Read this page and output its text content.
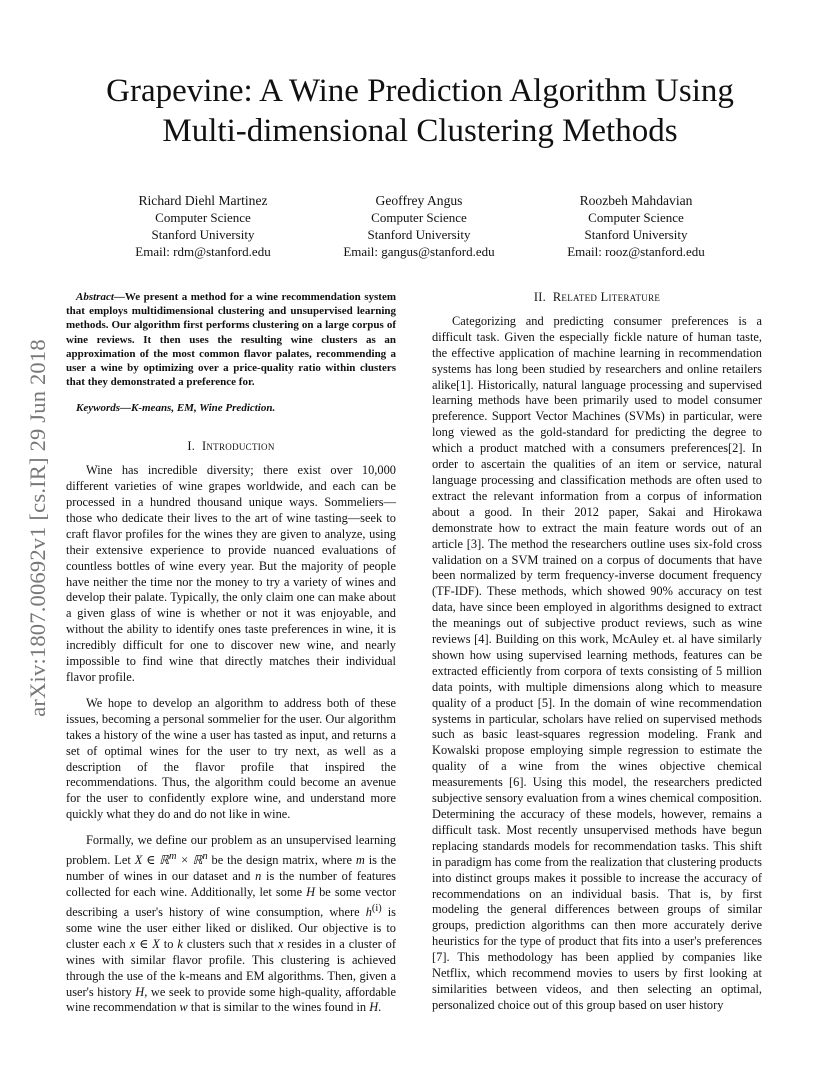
arXiv:1807.00692v1 [cs.IR] 29 Jun 2018
Grapevine: A Wine Prediction Algorithm Using
Multi-dimensional Clustering Methods
Richard Diehl Martinez
Computer Science
Stanford University
Email: rdm@stanford.edu
Geoffrey Angus
Computer Science
Stanford University
Email: gangus@stanford.edu
Roozbeh Mahdavian
Computer Science
Stanford University
Email: rooz@stanford.edu

Abstract—We present a method for a wine recommendation system that employs multidimensional clustering and unsupervised learning methods. Our algorithm first performs clustering on a large corpus of wine reviews. It then uses the resulting wine clusters as an approximation of the most common flavor palates, recommending a user a wine by optimizing over a price-quality ratio within clusters that they demonstrated a preference for.

Keywords—K-means, EM, Wine Prediction.

I. Introduction

Wine has incredible diversity; there exist over 10,000 different varieties of wine grapes worldwide, and each can be processed in a hundred thousand unique ways. Sommeliers—those who dedicate their lives to the art of wine tasting—seek to craft flavor profiles for the wines they are given to analyze, using their extensive experience to provide nuanced evaluations of countless bottles of wine every year. But the majority of people have neither the time nor the money to try a variety of wines and develop their palate. Typically, the only claim one can make about a given glass of wine is whether or not it was enjoyable, and without the ability to identify ones taste preferences in wine, it is incredibly difficult for one to discover new wine, and nearly impossible to find wine that directly matches their individual flavor profile.

We hope to develop an algorithm to address both of these issues, becoming a personal sommelier for the user. Our algorithm takes a history of the wine a user has tasted as input, and returns a set of optimal wines for the user to try next, as well as a description of the flavor profile that inspired the recommendations. Thus, the algorithm could become an avenue for the user to confidently explore wine, and understand more quickly what they do and do not like in wine.

Formally, we define our problem as an unsupervised learning problem. Let X ∈ ℝ$^m$ × ℝ$^n$ be the design matrix, where m is the number of wines in our dataset and n is the number of features collected for each wine. Additionally, let some H be some vector describing a user's history of wine consumption, where $h^{(i)}$ is some wine the user either liked or disliked. Our objective is to cluster each x ∈ X to k clusters such that x resides in a cluster of wines with similar flavor profile. This clustering is achieved through the use of the k-means and EM algorithms. Then, given a user's history H, we seek to provide some high-quality, affordable wine recommendation w that is similar to the wines found in H.

II. Related Literature

Categorizing and predicting consumer preferences is a difficult task. Given the especially fickle nature of human taste, the effective application of machine learning in recommendation systems has long been studied by researchers and online retailers alike[1]. Historically, natural language processing and supervised learning methods have been primarily used to model consumer preference. Support Vector Machines (SVMs) in particular, were long viewed as the gold-standard for predicting the degree to which a product matched with a consumers preferences[2]. In order to ascertain the qualities of an item or service, natural language processing and classification methods are often used to extract the relevant information from a corpus of information about a good. In their 2012 paper, Sakai and Hirokawa demonstrate how to extract the main feature words out of an article [3]. The method the researchers outline uses six-fold cross validation on a SVM trained on a corpus of documents that have been normalized by term frequency-inverse document frequency (TF-IDF). These methods, which showed 90% accuracy on test data, have since been employed in algorithms designed to extract the meanings out of subjective product reviews, such as wine reviews [4]. Building on this work, McAuley et. al have similarly shown how using supervised learning methods, features can be extracted efficiently from corpora of texts consisting of 5 million data points, with multiple dimensions along which to measure quality of a product [5]. In the domain of wine recommendation systems in particular, scholars have relied on supervised methods such as basic least-squares regression modeling. Frank and Kowalski propose employing simple regression to estimate the quality of a wine from the wines objective chemical measurements [6]. Using this model, the researchers predicted subjective sensory evaluation from a wines chemical composition. Determining the accuracy of these models, however, remains a difficult task. Most recently unsupervised methods have begun replacing standards models for recommendation tasks. This shift in paradigm has come from the realization that clustering products into distinct groups makes it possible to increase the accuracy of recommendations on an individual basis. That is, by first modeling the general differences between groups of similar groups, prediction algorithms can then more accurately derive heuristics for the type of product that fits into a user's preferences [7]. This methodology has been applied by companies like Netflix, which recommend movies to users by first looking at similarities between videos, and then selecting an optimal, personalized choice out of this group based on user history
